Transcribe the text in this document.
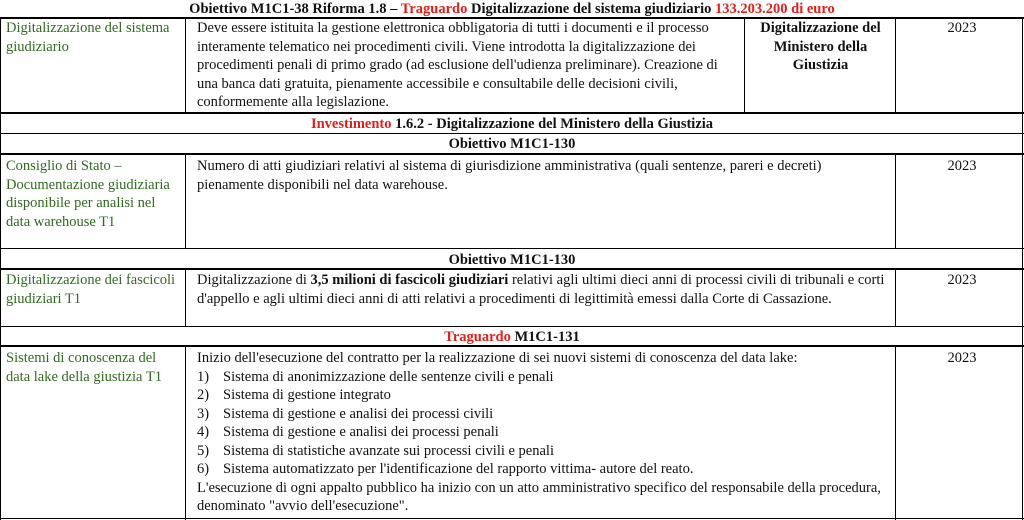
Obiettivo M1C1-38 Riforma 1.8 – Traguardo Digitalizzazione del sistema giudiziario 133.203.200 di euro
Digitalizzazione del sistema giudiziario
Deve essere istituita la gestione elettronica obbligatoria di tutti i documenti e il processo interamente telematico nei procedimenti civili. Viene introdotta la digitalizzazione dei procedimenti penali di primo grado (ad esclusione dell'udienza preliminare). Creazione di una banca dati gratuita, pienamente accessibile e consultabile delle decisioni civili, conformemente alla legislazione.
Digitalizzazione del Ministero della Giustizia
2023
Investimento 1.6.2 - Digitalizzazione del Ministero della Giustizia
Obiettivo M1C1-130
Consiglio di Stato – Documentazione giudiziaria disponibile per analisi nel data warehouse T1
Numero di atti giudiziari relativi al sistema di giurisdizione amministrativa (quali sentenze, pareri e decreti) pienamente disponibili nel data warehouse.
2023
Obiettivo M1C1-130
Digitalizzazione dei fascicoli giudiziari T1
Digitalizzazione di 3,5 milioni di fascicoli giudiziari relativi agli ultimi dieci anni di processi civili di tribunali e corti d'appello e agli ultimi dieci anni di atti relativi a procedimenti di legittimità emessi dalla Corte di Cassazione.
2023
Traguardo M1C1-131
Sistemi di conoscenza del data lake della giustizia T1
Inizio dell'esecuzione del contratto per la realizzazione di sei nuovi sistemi di conoscenza del data lake:
1) Sistema di anonimizzazione delle sentenze civili e penali
2) Sistema di gestione integrato
3) Sistema di gestione e analisi dei processi civili
4) Sistema di gestione e analisi dei processi penali
5) Sistema di statistiche avanzate sui processi civili e penali
6) Sistema automatizzato per l'identificazione del rapporto vittima- autore del reato.
L'esecuzione di ogni appalto pubblico ha inizio con un atto amministrativo specifico del responsabile della procedura, denominato "avvio dell'esecuzione".
2023
